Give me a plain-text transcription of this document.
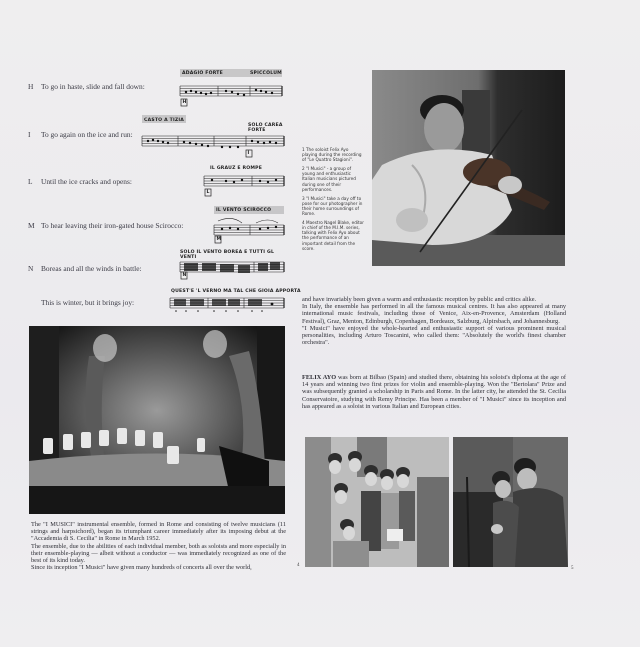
H To go in haste, slide and fall down:
I To go again on the ice and run:
L Until the ice cracks and opens:
M To hear leaving their iron-gated house Scirocco:
N Boreas and all the winds in battle:
This is winter, but it brings joy:
ADAGIO FORTE	SPICCOLUM
H
CASTO A TIZIA
SOLO CAREA FORTE
I
IL GRAUZ E ROMPE
L
IL VENTO SCIROCCO
M
SOLO IL VENTO BOREA E TUTTI GL VENTI
N
QUEST'E 'L VERNO MA TAL CHE GIOIA APPORTA

1 The soloist Felix Ayo playing during the recording of "Le Quattro Stagioni".

2 "I Musici" - a group of young and enthusiastic Italian musicians pictured during one of their performances.

3 "I Musici" take a day off to pose for our photographer in their home surroundings of Rome.

4 Maestro Nagel Blake, editor in chief of the M.I.M. series, talking with Felix Ayo about the performance of an important detail from the score.

and have invariably been given a warm and enthusiastic reception by public and critics alike.

In Italy, the ensemble has performed in all the famous musical centres. It has also appeared at many international music festivals, including those of Venice, Aix-en-Provence, Amsterdam (Holland Festival), Graz, Menton, Edinburgh, Copenhagen, Bordeaux, Salzburg, Alpirsbach, and Johannesburg.

"I Musici" have enjoyed the whole-hearted and enthusiastic support of various prominent musical personalities, including Arturo Toscanini, who called them: "Absolutely the world's finest chamber orchestra".

FELIX AYO was born at Bilbao (Spain) and studied there, obtaining his soloist's diploma at the age of 14 years and winning two first prizes for violin and ensemble-playing. Won the "Bertolara" Prize and was subsequently granted a scholarship in Paris and Rome. In the latter city, he attended the St. Cecilia Conservatoire, studying with Remy Principe. Has been a member of "I Musici" since its inception and has appeared as a soloist in various Italian and European cities.

The "I MUSICI" instrumental ensemble, formed in Rome and consisting of twelve musicians (11 strings and harpsichord), began its triumphant career immediately after its imposing debut at the "Accademia di S. Cecilia" in Rome in March 1952.

The ensemble, due to the abilities of each individual member, both as soloists and more especially in their ensemble-playing — albeit without a conductor — was immediately recognized as one of the best of its kind today.

Since its inception "I Musici" have given many hundreds of concerts all over the world,	4
5
